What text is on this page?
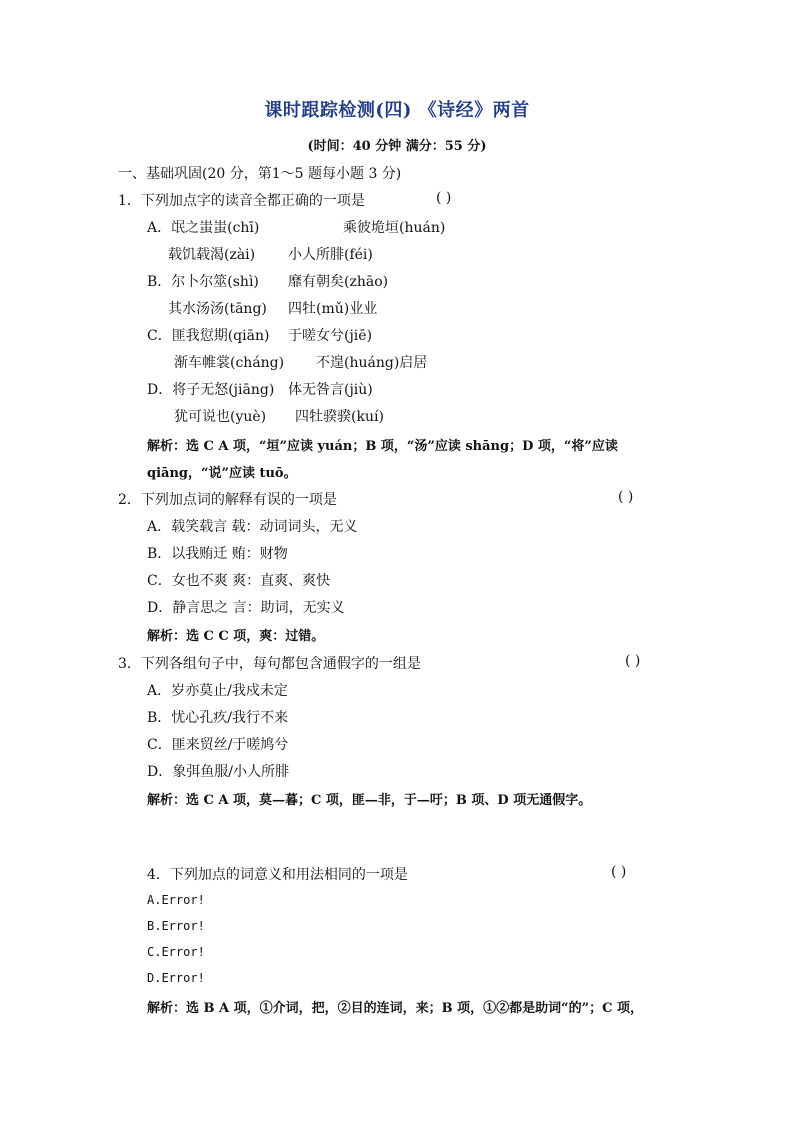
课时跟踪检测(四) 《诗经》两首
(时间：40 分钟 满分：55 分)
一、基础巩固(20 分，第1～5 题每小题 3 分)
1．下列加点字的读音全都正确的一项是	( )
A．氓之蚩蚩(chī)	乘彼垝垣(huán)
载饥载渴(zài) 小人所腓(féi)
B．尔卜尔筮(shì) 靡有朝矣(zhāo)
其水汤汤(tāng) 四牡(mǔ)业业
C．匪我愆期(qiān) 于嗟女兮(jiē)
渐车帷裳(cháng) 不遑(huáng)启居
D．将子无怒(jiāng) 体无咎言(jiù)
犹可说也(yuè) 四牡骙骙(kuí)
解析：选 C A 项，“垣”应读 yuán；B 项，“汤”应读 shāng；D 项，“将”应读
qiāng，“说”应读 tuō。
2．下列加点词的解释有误的一项是	( )
A．载笑载言 载：动词词头，无义
B．以我贿迁 贿：财物
C．女也不爽 爽：直爽、爽快
D．静言思之 言：助词，无实义
解析：选 C C 项，爽：过错。
3．下列各组句子中，每句都包含通假字的一组是	( )
A．岁亦莫止/我戍未定
B．忧心孔疚/我行不来
C．匪来贸丝/于嗟鸠兮
D．象弭鱼服/小人所腓
解析：选 C A 项，莫—暮；C 项，匪—非，于—吁；B 项、D 项无通假字。
4．下列加点的词意义和用法相同的一项是	( )
A.Error!
B.Error!
C.Error!
D.Error!
解析：选 B A 项，①介词，把，②目的连词，来；B 项，①②都是助词“的”；C 项，
